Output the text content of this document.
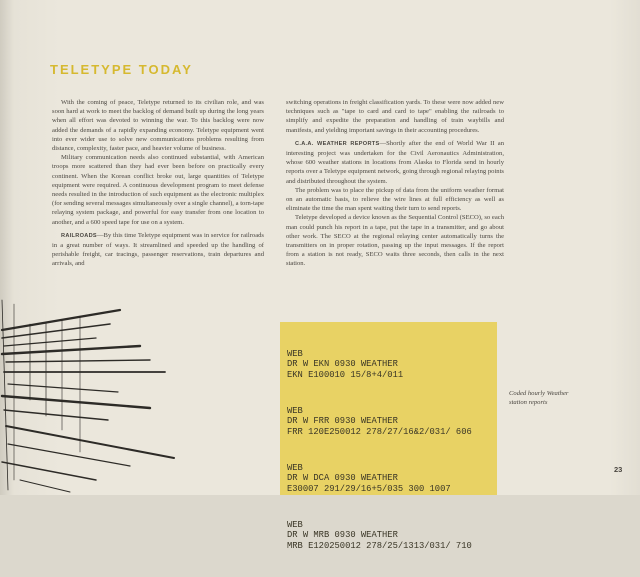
TELETYPE TODAY

With the coming of peace, Teletype returned to its civilian role, and was soon hard at work to meet the backlog of demand built up during the long years when all effort was devoted to winning the war. To this backlog were now added the demands of a rapidly expanding economy. Teletype equipment went into ever wider use to solve new communications problems resulting from distance, complexity, faster pace, and heavier volume of business.

Military communication needs also continued substantial, with American troops more scattered than they had ever been before on practically every continent. When the Korean conflict broke out, large quantities of Teletype equipment were required. A continuous development program to meet defense needs resulted in the introduction of such equipment as the electronic multiplex (for sending several messages simultaneously over a single channel), a torn-tape relaying system package, and powerful for easy transfer from one location to another, and a 600 speed tape for use on a system.

RAILROADS—By this time Teletype equipment was in service for railroads in a great number of ways. It streamlined and speeded up the handling of perishable freight, car tracings, passenger reservations, train departures and arrivals, and

switching operations in freight classification yards. To these were now added new techniques such as "tape to card and card to tape" enabling the railroads to simplify and expedite the preparation and handling of train waybills and manifests, and yielding important savings in their accounting procedures.

C.A.A. WEATHER REPORTS—Shortly after the end of World War II an interesting project was undertaken for the Civil Aeronautics Administration, whose 600 weather stations in locations from Alaska to Florida send in hourly reports over a Teletype equipment network, going through regional relaying points and distributed throughout the system.

The problem was to place the pickup of data from the uniform weather format on an automatic basis, to relieve the wire lines at full efficiency as well as eliminate the time the man spent waiting their turn to send reports.

Teletype developed a device known as the Sequential Control (SECO), so each man could punch his report in a tape, put the tape in a transmitter, and go about other work. The SECO at the regional relaying center automatically turns the transmitters on in proper rotation, passing up the input messages. If the report from a station is not ready, SECO waits three seconds, then calls in the next station.

WEB
DR W EKN 0930 WEATHER
EKN E100010 15/8+4/011

WEB
DR W FRR 0930 WEATHER
FRR 120E250012 278/27/16&2/031/ 606

WEB
DR W DCA 0930 WEATHER
E30007 291/29/16+5/035 300 1007

WEB
DR W MRB 0930 WEATHER
MRB E120250012 278/25/1313/031/ 710

Coded hourly Weather station reports
23
